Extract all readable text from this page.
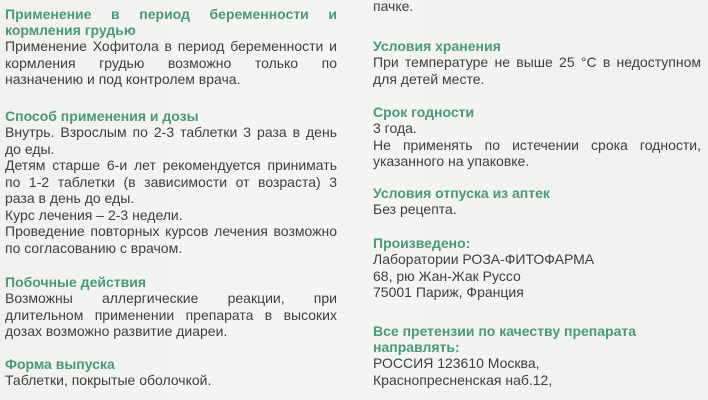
Применение в период беременности и
кормления грудью

Применение Хофитола в период беременности и кормления грудью возможно только по назначению и под контролем врача.

Способ применения и дозы

Внутрь. Взрослым по 2-3 таблетки 3 раза в день до еды.

Детям старше 6-и лет рекомендуется принимать по 1-2 таблетки (в зависимости от возраста) 3 раза в день до еды.

Курс лечения – 2-3 недели.

Проведение повторных курсов лечения возможно по согласованию с врачом.

Побочные действия

Возможны аллергические реакции, при длительном применении препарата в высоких дозах возможно развитие диареи.

Форма выпуска

Таблетки, покрытые оболочкой.

пачке.

Условия хранения

При температуре не выше 25 °С в недоступном для детей месте.

Срок годности

3 года.

Не применять по истечении срока годности, указанного на упаковке.

Условия отпуска из аптек

Без рецепта.

Произведено:

Лаборатории РОЗА-ФИТОФАРМА

68, рю Жан-Жак Руссо

75001 Париж, Франция

Все претензии по качеству препарата
направлять:

РОССИЯ 123610 Москва,

Краснопресненская наб.12,
